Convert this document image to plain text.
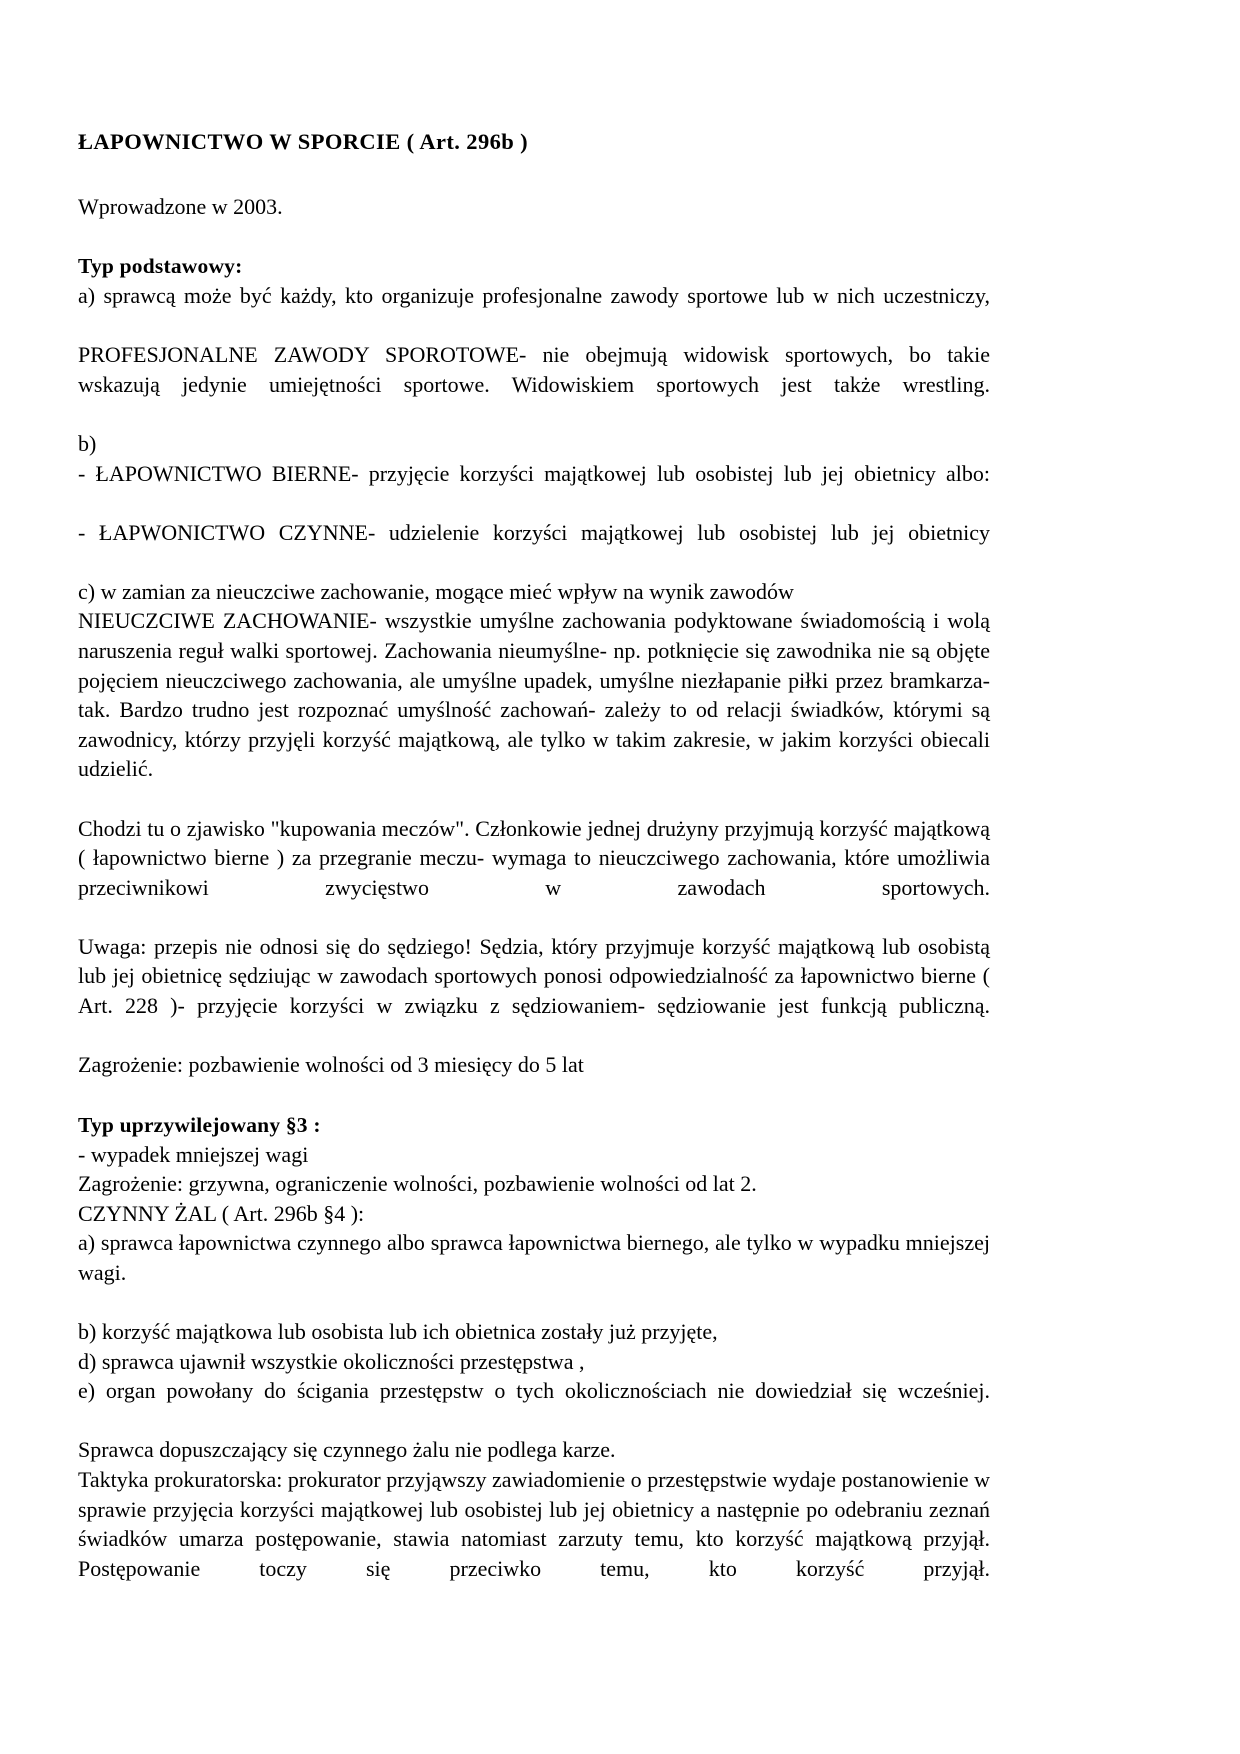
ŁAPOWNICTWO W SPORCIE ( Art. 296b )

Wprowadzone w 2003.

Typ podstawowy:

a) sprawcą może być każdy, kto organizuje profesjonalne zawody sportowe lub w nich uczestniczy,

PROFESJONALNE ZAWODY SPOROTOWE- nie obejmują widowisk sportowych, bo takie wskazują jedynie umiejętności sportowe. Widowiskiem sportowych jest także wrestling.

b)

- ŁAPOWNICTWO BIERNE- przyjęcie korzyści majątkowej lub osobistej lub jej obietnicy albo:

- ŁAPWONICTWO CZYNNE- udzielenie korzyści majątkowej lub osobistej lub jej obietnicy

c) w zamian za nieuczciwe zachowanie, mogące mieć wpływ na wynik zawodów

NIEUCZCIWE ZACHOWANIE- wszystkie umyślne zachowania podyktowane świadomością i wolą naruszenia reguł walki sportowej. Zachowania nieumyślne- np. potknięcie się zawodnika nie są objęte pojęciem nieuczciwego zachowania, ale umyślne upadek, umyślne niezłapanie piłki przez bramkarza- tak. Bardzo trudno jest rozpoznać umyślność zachowań- zależy to od relacji świadków, którymi są zawodnicy, którzy przyjęli korzyść majątkową, ale tylko w takim zakresie, w jakim korzyści obiecali udzielić.

Chodzi tu o zjawisko "kupowania meczów". Członkowie jednej drużyny przyjmują korzyść majątkową ( łapownictwo bierne ) za przegranie meczu- wymaga to nieuczciwego zachowania, które umożliwia przeciwnikowi zwycięstwo w zawodach sportowych.

Uwaga: przepis nie odnosi się do sędziego! Sędzia, który przyjmuje korzyść majątkową lub osobistą lub jej obietnicę sędziując w zawodach sportowych ponosi odpowiedzialność za łapownictwo bierne ( Art. 228 )- przyjęcie korzyści w związku z sędziowaniem- sędziowanie jest funkcją publiczną.

Zagrożenie: pozbawienie wolności od 3 miesięcy do 5 lat

Typ uprzywilejowany §3 :

- wypadek mniejszej wagi

Zagrożenie: grzywna, ograniczenie wolności, pozbawienie wolności od lat 2.

CZYNNY ŻAL ( Art. 296b §4 ):

a) sprawca łapownictwa czynnego albo sprawca łapownictwa biernego, ale tylko w wypadku mniejszej wagi.

b) korzyść majątkowa lub osobista lub ich obietnica zostały już przyjęte,

d) sprawca ujawnił wszystkie okoliczności przestępstwa ,

e) organ powołany do ścigania przestępstw o tych okolicznościach nie dowiedział się wcześniej.

Sprawca dopuszczający się czynnego żalu nie podlega karze.

Taktyka prokuratorska: prokurator przyjąwszy zawiadomienie o przestępstwie wydaje postanowienie w sprawie przyjęcia korzyści majątkowej lub osobistej lub jej obietnicy a następnie po odebraniu zeznań świadków umarza postępowanie, stawia natomiast zarzuty temu, kto korzyść majątkową przyjął. Postępowanie toczy się przeciwko temu, kto korzyść przyjął.
